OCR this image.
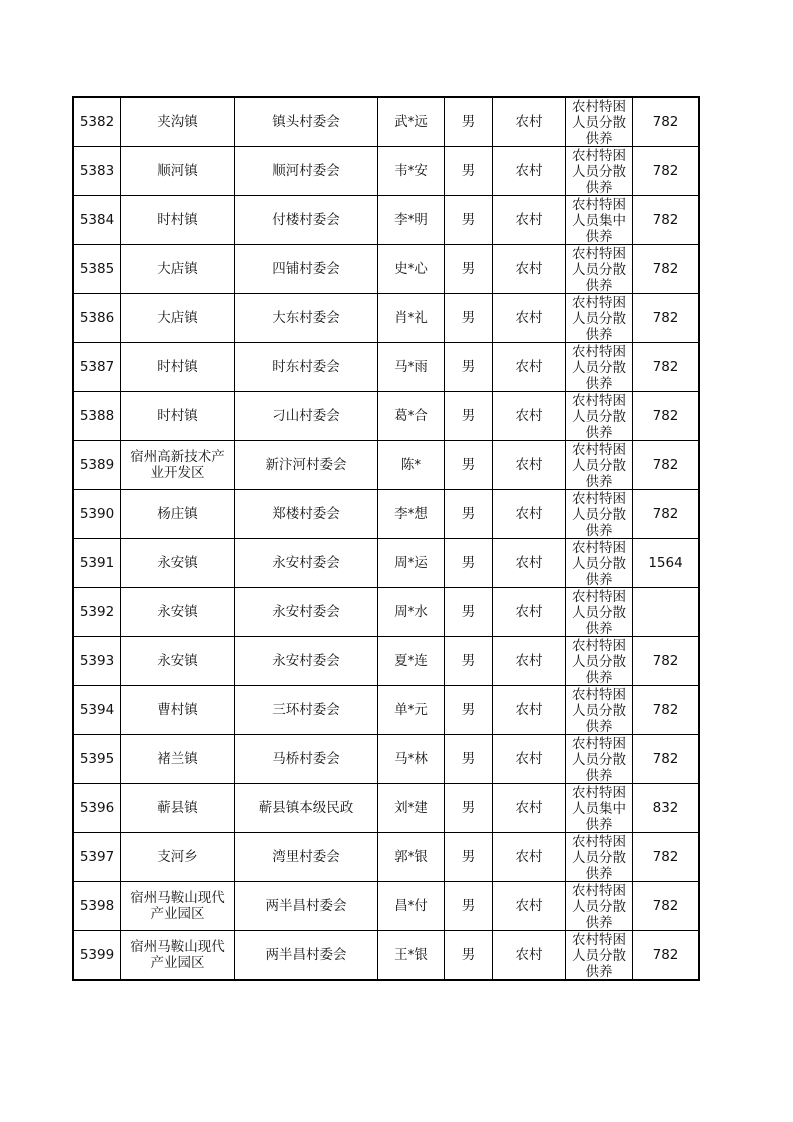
5382	夹沟镇	镇头村委会	武*远	男	农村	农村特困人员分散供养	782
5383	顺河镇	顺河村委会	韦*安	男	农村	农村特困人员分散供养	782
5384	时村镇	付楼村委会	李*明	男	农村	农村特困人员集中供养	782
5385	大店镇	四铺村委会	史*心	男	农村	农村特困人员分散供养	782
5386	大店镇	大东村委会	肖*礼	男	农村	农村特困人员分散供养	782
5387	时村镇	时东村委会	马*雨	男	农村	农村特困人员分散供养	782
5388	时村镇	刁山村委会	葛*合	男	农村	农村特困人员分散供养	782
5389	宿州高新技术产业开发区	新汴河村委会	陈*	男	农村	农村特困人员分散供养	782
5390	杨庄镇	郑楼村委会	李*想	男	农村	农村特困人员分散供养	782
5391	永安镇	永安村委会	周*运	男	农村	农村特困人员分散供养	1564
5392	永安镇	永安村委会	周*水	男	农村	农村特困人员分散供养	

5393	永安镇	永安村委会	夏*连	男	农村	农村特困人员分散供养	782
5394	曹村镇	三环村委会	单*元	男	农村	农村特困人员分散供养	782
5395	褚兰镇	马桥村委会	马*林	男	农村	农村特困人员分散供养	782
5396	蕲县镇	蕲县镇本级民政	刘*建	男	农村	农村特困人员集中供养	832
5397	支河乡	湾里村委会	郭*银	男	农村	农村特困人员分散供养	782
5398	宿州马鞍山现代产业园区	两半昌村委会	昌*付	男	农村	农村特困人员分散供养	782
5399	宿州马鞍山现代产业园区	两半昌村委会	王*银	男	农村	农村特困人员分散供养	782
